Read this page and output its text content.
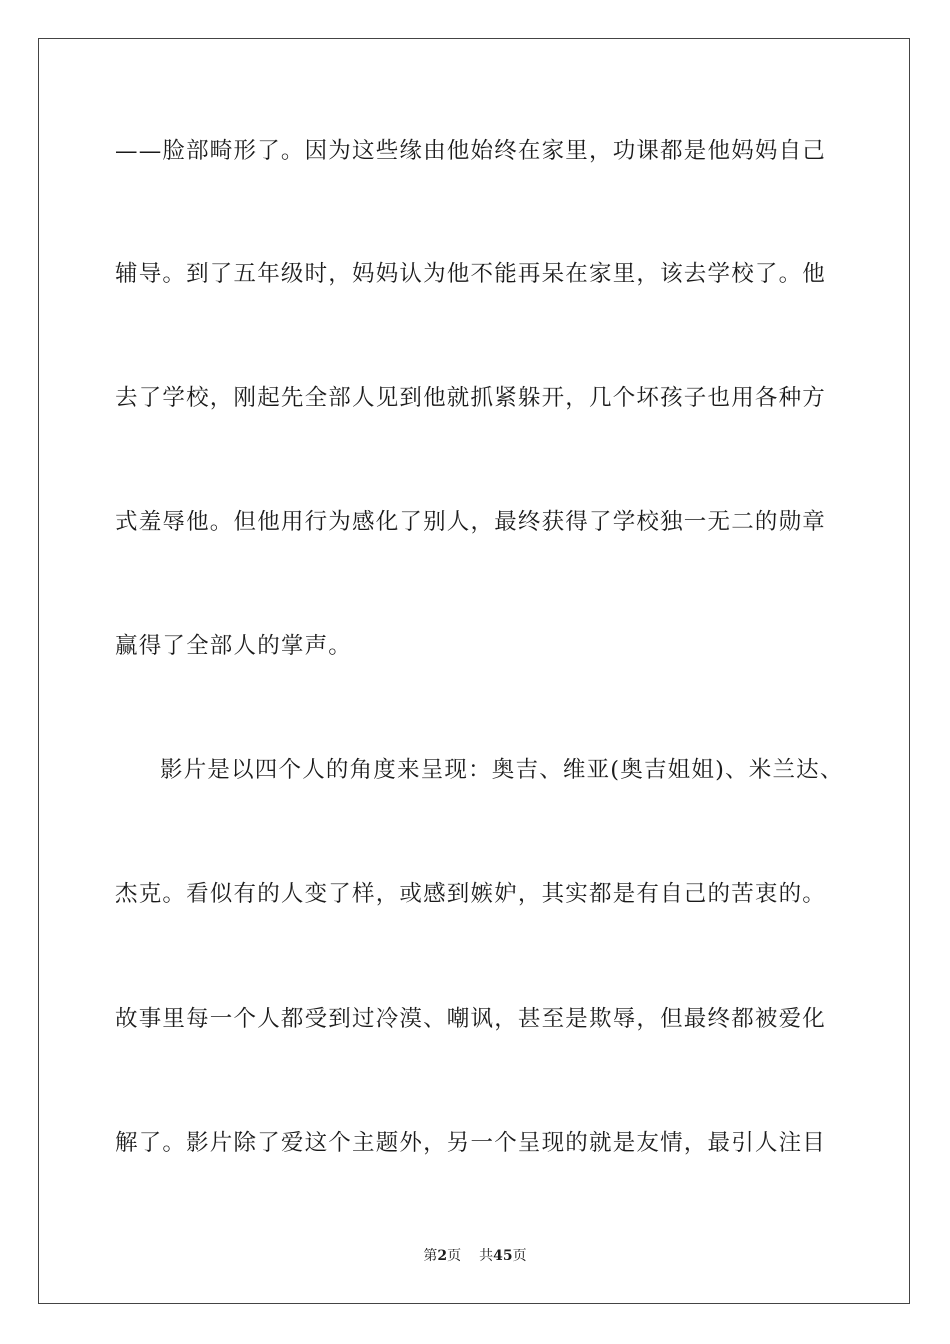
——脸部畸形了。因为这些缘由他始终在家里，功课都是他妈妈自己
辅导。到了五年级时，妈妈认为他不能再呆在家里，该去学校了。他
去了学校，刚起先全部人见到他就抓紧躲开，几个坏孩子也用各种方
式羞辱他。但他用行为感化了别人，最终获得了学校独一无二的勋章
赢得了全部人的掌声。
影片是以四个人的角度来呈现：奥吉、维亚(奥吉姐姐)、米兰达、
杰克。看似有的人变了样，或感到嫉妒，其实都是有自己的苦衷的。
故事里每一个人都受到过冷漠、嘲讽，甚至是欺辱，但最终都被爱化
解了。影片除了爱这个主题外，另一个呈现的就是友情，最引人注目
第2页 共45页
